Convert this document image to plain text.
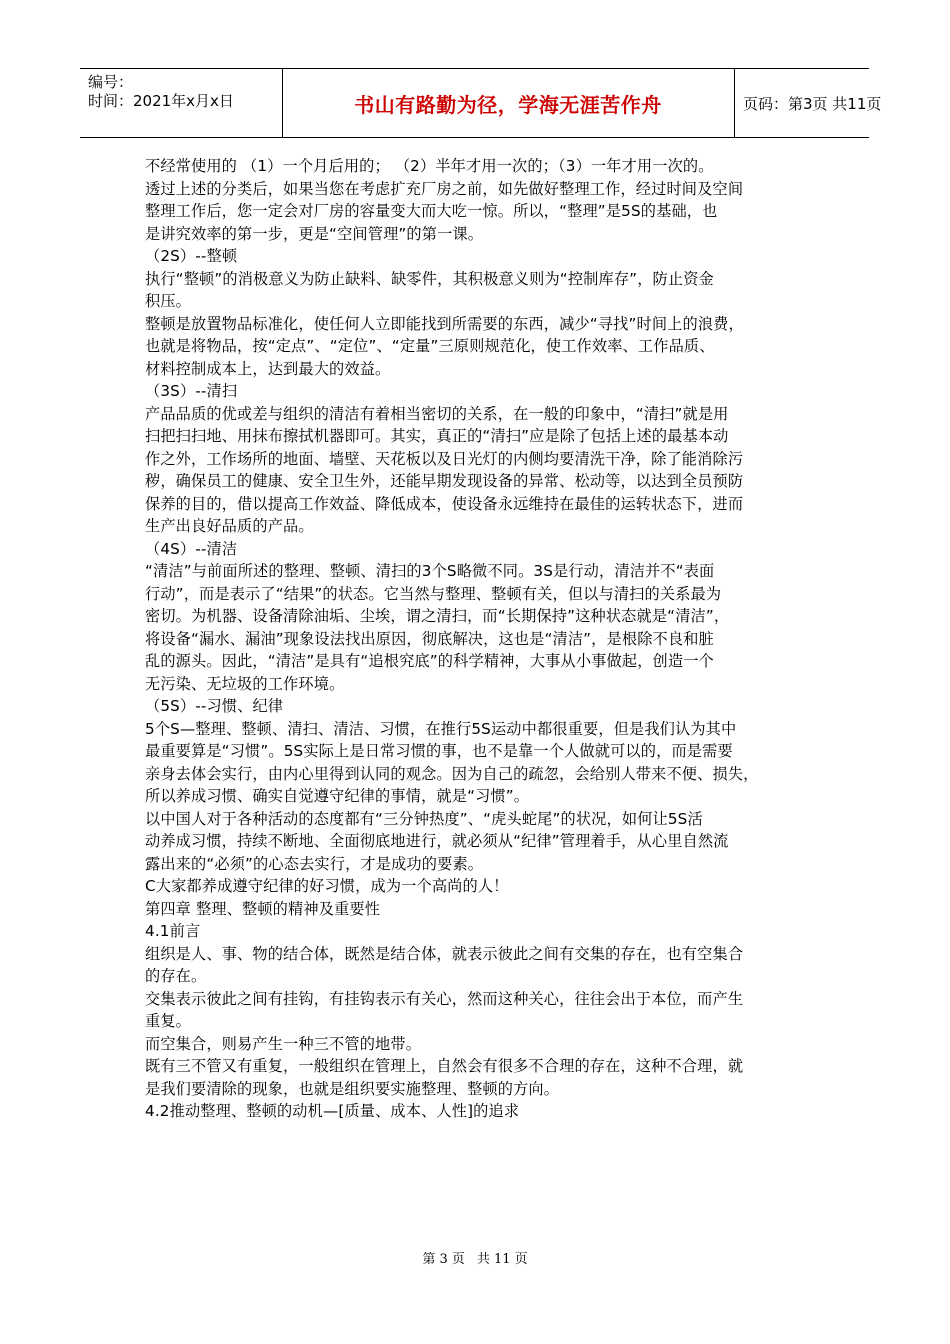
编号：
时间：2021年x月x日	书山有路勤为径，学海无涯苦作舟	页码：第3页 共11页
不经常使用的 （1）一个月后用的； （2）半年才用一次的；（3）一年才用一次的。
透过上述的分类后，如果当您在考虑扩充厂房之前，如先做好整理工作，经过时间及空间
整理工作后，您一定会对厂房的容量变大而大吃一惊。所以，“整理”是5S的基础，也
是讲究效率的第一步，更是“空间管理”的第一课。
（2S）--整顿
执行“整顿”的消极意义为防止缺料、缺零件，其积极意义则为“控制库存”，防止资金
积压。
整顿是放置物品标准化，使任何人立即能找到所需要的东西，减少“寻找”时间上的浪费，
也就是将物品，按“定点”、“定位”、“定量”三原则规范化，使工作效率、工作品质、
材料控制成本上，达到最大的效益。
（3S）--清扫
产品品质的优或差与组织的清洁有着相当密切的关系，在一般的印象中，“清扫”就是用
扫把扫扫地、用抹布擦拭机器即可。其实，真正的“清扫”应是除了包括上述的最基本动
作之外，工作场所的地面、墙壁、天花板以及日光灯的内侧均要清洗干净，除了能消除污
秽，确保员工的健康、安全卫生外，还能早期发现设备的异常、松动等，以达到全员预防
保养的目的，借以提高工作效益、降低成本，使设备永远维持在最佳的运转状态下，进而
生产出良好品质的产品。
（4S）--清洁
“清洁”与前面所述的整理、整顿、清扫的3个S略微不同。3S是行动，清洁并不“表面
行动”，而是表示了“结果”的状态。它当然与整理、整顿有关，但以与清扫的关系最为
密切。为机器、设备清除油垢、尘埃，谓之清扫，而“长期保持”这种状态就是“清洁”，
将设备“漏水、漏油”现象设法找出原因，彻底解决，这也是“清洁”，是根除不良和脏
乱的源头。因此，“清洁”是具有“追根究底”的科学精神，大事从小事做起，创造一个
无污染、无垃圾的工作环境。
（5S）--习惯、纪律
5个S—整理、整顿、清扫、清洁、习惯，在推行5S运动中都很重要，但是我们认为其中
最重要算是“习惯”。5S实际上是日常习惯的事，也不是靠一个人做就可以的，而是需要
亲身去体会实行，由内心里得到认同的观念。因为自己的疏忽，会给别人带来不便、损失，
所以养成习惯、确实自觉遵守纪律的事情，就是“习惯”。
以中国人对于各种活动的态度都有“三分钟热度”、“虎头蛇尾”的状况，如何让5S活
动养成习惯，持续不断地、全面彻底地进行，就必须从“纪律”管理着手，从心里自然流
露出来的“必须”的心态去实行，才是成功的要素。
C大家都养成遵守纪律的好习惯，成为一个高尚的人！
第四章 整理、整顿的精神及重要性
4.1前言
组织是人、事、物的结合体，既然是结合体，就表示彼此之间有交集的存在，也有空集合
的存在。
交集表示彼此之间有挂钩，有挂钩表示有关心，然而这种关心，往往会出于本位，而产生
重复。
而空集合，则易产生一种三不管的地带。
既有三不管又有重复，一般组织在管理上，自然会有很多不合理的存在，这种不合理，就
是我们要清除的现象，也就是组织要实施整理、整顿的方向。
4.2推动整理、整顿的动机—[质量、成本、人性]的追求
第 3 页 共 11 页
